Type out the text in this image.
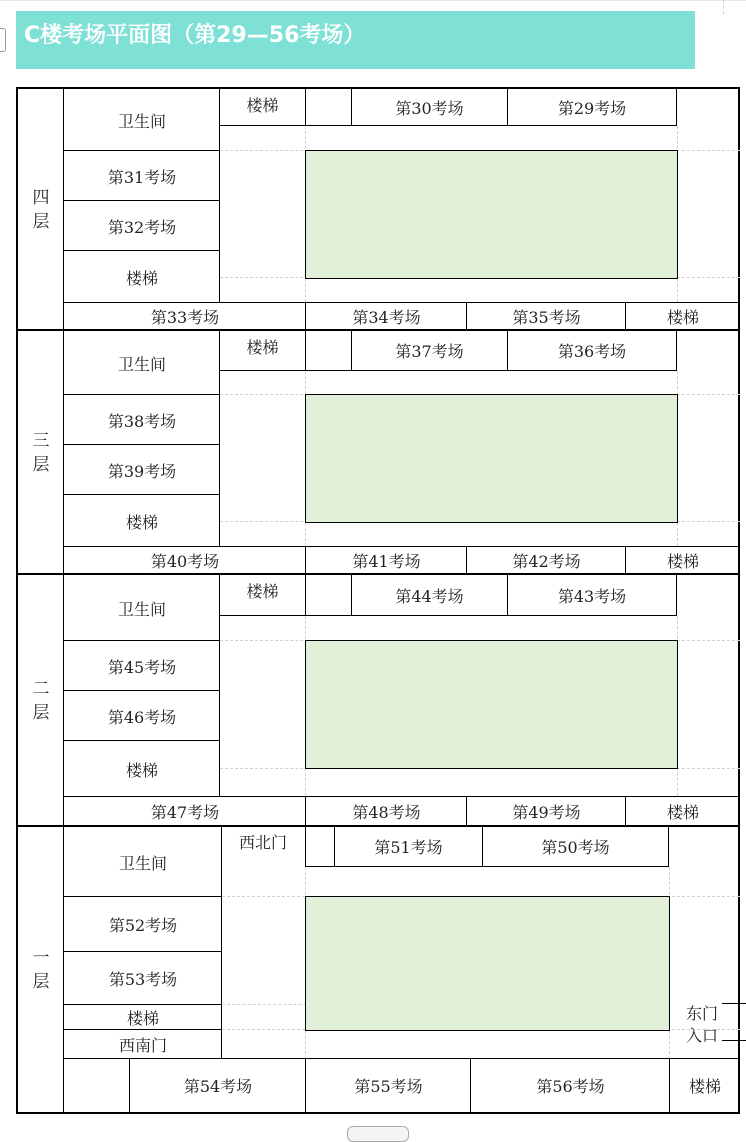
C楼考场平面图（第29—56考场）
四
层
卫生间
第31考场
第32考场
楼梯
楼梯	第30考场	第29考场
第33考场	第34考场	第35考场	楼梯
三
层
卫生间
第38考场
第39考场
楼梯
楼梯	第37考场	第36考场
第40考场	第41考场	第42考场	楼梯
二
层
卫生间
第45考场
第46考场
楼梯
楼梯	第44考场	第43考场
第47考场	第48考场	第49考场	楼梯
一
层
卫生间
第52考场
第53考场
楼梯
西南门
西北门	第51考场	第50考场
东门
入口
第54考场	第55考场	第56考场	楼梯
